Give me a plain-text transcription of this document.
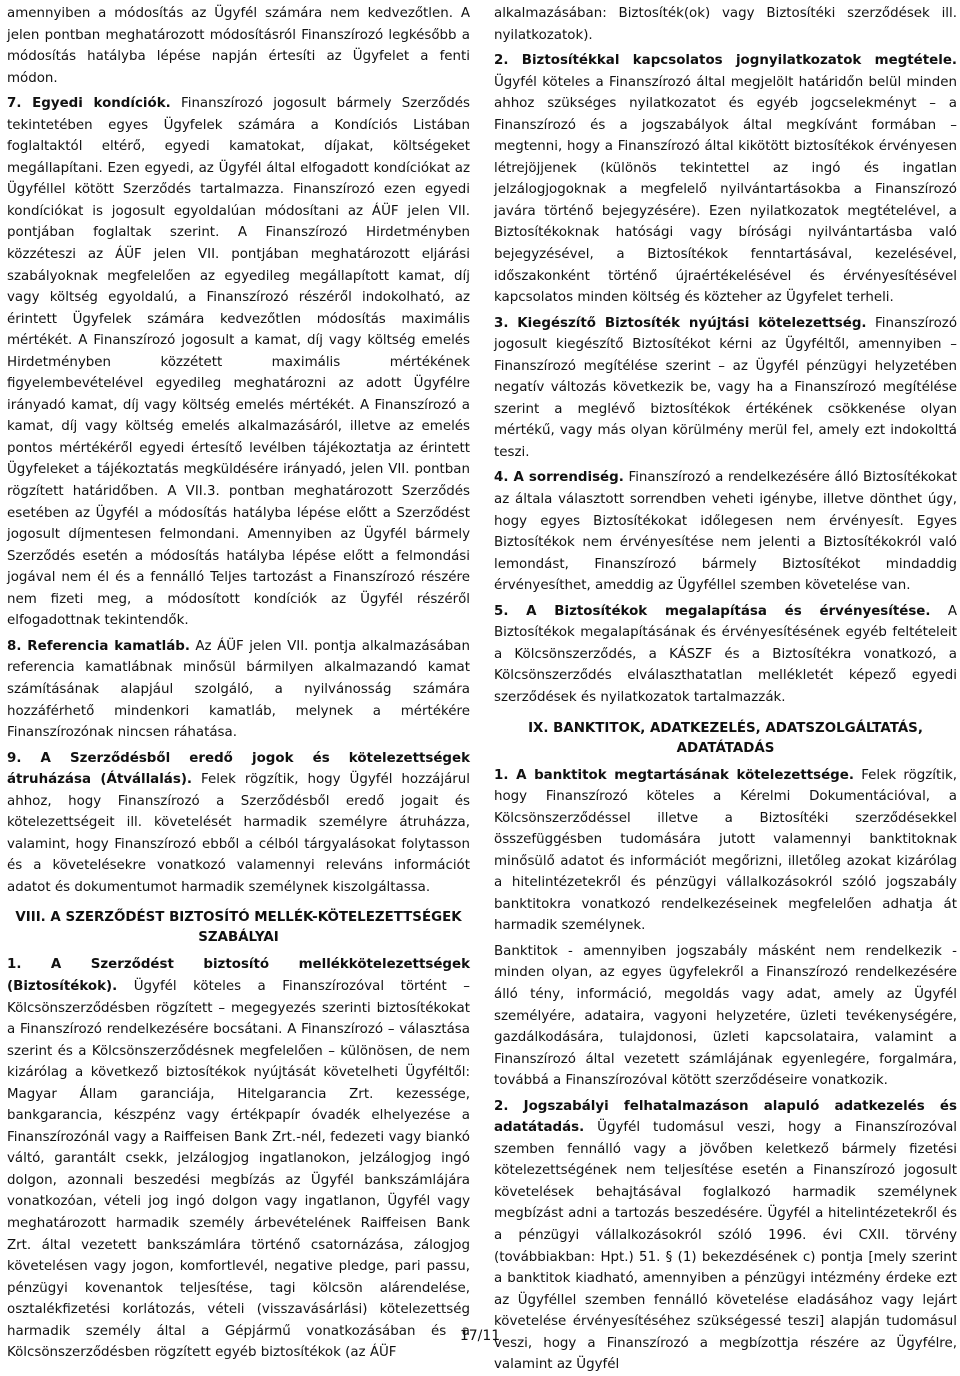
amennyiben a módosítás az Ügyfél számára nem kedvezőtlen. A jelen pontban meghatározott módosításról Finanszírozó legkésőbb a módosítás hatályba lépése napján értesíti az Ügyfelet a fenti módon.

7. Egyedi kondíciók. Finanszírozó jogosult bármely Szerződés tekintetében egyes Ügyfelek számára a Kondíciós Listában foglaltaktól eltérő, egyedi kamatokat, díjakat, költségeket megállapítani. Ezen egyedi, az Ügyfél által elfogadott kondíciókat az Ügyféllel kötött Szerződés tartalmazza. Finanszírozó ezen egyedi kondíciókat is jogosult egyoldalúan módosítani az ÁÜF jelen VII. pontjában foglaltak szerint. A Finanszírozó Hirdetményben közzéteszi az ÁÜF jelen VII. pontjában meghatározott eljárási szabályoknak megfelelően az egyedileg megállapított kamat, díj vagy költség egyoldalú, a Finanszírozó részéről indokolható, az érintett Ügyfelek számára kedvezőtlen módosítás maximális mértékét. A Finanszírozó jogosult a kamat, díj vagy költség emelés Hirdetményben közzétett maximális mértékének figyelembevételével egyedileg meghatározni az adott Ügyfélre irányadó kamat, díj vagy költség emelés mértékét. A Finanszírozó a kamat, díj vagy költség emelés alkalmazásáról, illetve az emelés pontos mértékéről egyedi értesítő levélben tájékoztatja az érintett Ügyfeleket a tájékoztatás megküldésére irányadó, jelen VII. pontban rögzített határidőben. A VII.3. pontban meghatározott Szerződés esetében az Ügyfél a módosítás hatályba lépése előtt a Szerződést jogosult díjmentesen felmondani. Amennyiben az Ügyfél bármely Szerződés esetén a módosítás hatályba lépése előtt a felmondási jogával nem él és a fennálló Teljes tartozást a Finanszírozó részére nem fizeti meg, a módosított kondíciók az Ügyfél részéről elfogadottnak tekintendők.

8. Referencia kamatláb. Az ÁÜF jelen VII. pontja alkalmazásában referencia kamatlábnak minősül bármilyen alkalmazandó kamat számításának alapjául szolgáló, a nyilvánosság számára hozzáférhető mindenkori kamatláb, melynek a mértékére Finanszírozónak nincsen ráhatása.

9. A Szerződésből eredő jogok és kötelezettségek átruházása (Átvállalás). Felek rögzítik, hogy Ügyfél hozzájárul ahhoz, hogy Finanszírozó a Szerződésből eredő jogait és kötelezettségeit ill. követelését harmadik személyre átruházza, valamint, hogy Finanszírozó ebből a célból tárgyalásokat folytasson és a követelésekre vonatkozó valamennyi releváns információt adatot és dokumentumot harmadik személynek kiszolgáltassa.

VIII. A SZERZŐDÉST BIZTOSÍTÓ MELLÉK-KÖTELEZETTSÉGEK SZABÁLYAI

1. A Szerződést biztosító mellékkötelezettségek (Biztosítékok). Ügyfél köteles a Finanszírozóval történt – Kölcsönszerződésben rögzített – megegyezés szerinti biztosítékokat a Finanszírozó rendelkezésére bocsátani. A Finanszírozó – választása szerint és a Kölcsönszerződésnek megfelelően – különösen, de nem kizárólag a következő biztosítékok nyújtását követelheti Ügyféltől: Magyar Állam garanciája, Hitelgarancia Zrt. kezessége, bankgarancia, készpénz vagy értékpapír óvadék elhelyezése a Finanszírozónál vagy a Raiffeisen Bank Zrt.-nél, fedezeti vagy biankó váltó, garantált csekk, jelzálogjog ingatlanokon, jelzálogjog ingó dolgon, azonnali beszedési megbízás az Ügyfél bankszámlájára vonatkozóan, vételi jog ingó dolgon vagy ingatlanon, Ügyfél vagy meghatározott harmadik személy árbevételének Raiffeisen Bank Zrt. által vezetett bankszámlára történő csatornázása, zálogjog követelésen vagy jogon, komfortlevél, negative pledge, pari passu, pénzügyi kovenantok teljesítése, tagi kölcsön alárendelése, osztalékfizetési korlátozás, vételi (visszavásárlási) kötelezettség harmadik személy által a Gépjármű vonatkozásában és a Kölcsönszerződésben rögzített egyéb biztosítékok (az ÁÜF

alkalmazásában: Biztosíték(ok) vagy Biztosítéki szerződések ill. nyilatkozatok).

2. Biztosítékkal kapcsolatos jognyilatkozatok megtétele. Ügyfél köteles a Finanszírozó által megjelölt határidőn belül minden ahhoz szükséges nyilatkozatot és egyéb jogcselekményt – a Finanszírozó és a jogszabályok által megkívánt formában – megtenni, hogy a Finanszírozó által kikötött biztosítékok érvényesen létrejöjjenek (különös tekintettel az ingó és ingatlan jelzálogjogoknak a megfelelő nyilvántartásokba a Finanszírozó javára történő bejegyzésére). Ezen nyilatkozatok megtételével, a Biztosítékoknak hatósági vagy bírósági nyilvántartásba való bejegyzésével, a Biztosítékok fenntartásával, kezelésével, időszakonként történő újraértékelésével és érvényesítésével kapcsolatos minden költség és közteher az Ügyfelet terheli.

3. Kiegészítő Biztosíték nyújtási kötelezettség. Finanszírozó jogosult kiegészítő Biztosítékot kérni az Ügyféltől, amennyiben – Finanszírozó megítélése szerint – az Ügyfél pénzügyi helyzetében negatív változás következik be, vagy ha a Finanszírozó megítélése szerint a meglévő biztosítékok értékének csökkenése olyan mértékű, vagy más olyan körülmény merül fel, amely ezt indokolttá teszi.

4. A sorrendiség. Finanszírozó a rendelkezésére álló Biztosítékokat az általa választott sorrendben veheti igénybe, illetve dönthet úgy, hogy egyes Biztosítékokat időlegesen nem érvényesít. Egyes Biztosítékok nem érvényesítése nem jelenti a Biztosítékokról való lemondást, Finanszírozó bármely Biztosítékot mindaddig érvényesíthet, ameddig az Ügyféllel szemben követelése van.

5. A Biztosítékok megalapítása és érvényesítése. A Biztosítékok megalapításának és érvényesítésének egyéb feltételeit a Kölcsönszerződés, a KÁSZF és a Biztosítékra vonatkozó, a Kölcsönszerződés elválaszthatatlan mellékletét képező egyedi szerződések és nyilatkozatok tartalmazzák.

IX. BANKTITOK, ADATKEZELÉS, ADATSZOLGÁLTATÁS, ADATÁTADÁS

1. A banktitok megtartásának kötelezettsége. Felek rögzítik, hogy Finanszírozó köteles a Kérelmi Dokumentációval, a Kölcsönszerződéssel illetve a Biztosítéki szerződésekkel összefüggésben tudomására jutott valamennyi banktitoknak minősülő adatot és információt megőrizni, illetőleg azokat kizárólag a hitelintézetekről és pénzügyi vállalkozásokról szóló jogszabály banktitokra vonatkozó rendelkezéseinek megfelelően adhatja át harmadik személynek.

Banktitok - amennyiben jogszabály másként nem rendelkezik - minden olyan, az egyes ügyfelekről a Finanszírozó rendelkezésére álló tény, információ, megoldás vagy adat, amely az Ügyfél személyére, adataira, vagyoni helyzetére, üzleti tevékenységére, gazdálkodására, tulajdonosi, üzleti kapcsolataira, valamint a Finanszírozó által vezetett számlájának egyenlegére, forgalmára, továbbá a Finanszírozóval kötött szerződéseire vonatkozik.

2. Jogszabályi felhatalmazáson alapuló adatkezelés és adatátadás. Ügyfél tudomásul veszi, hogy a Finanszírozóval szemben fennálló vagy a jövőben keletkező bármely fizetési kötelezettségének nem teljesítése esetén a Finanszírozó jogosult követelések behajtásával foglalkozó harmadik személynek megbízást adni a tartozás beszedésére. Ügyfél a hitelintézetekről és a pénzügyi vállalkozásokról szóló 1996. évi CXII. törvény (továbbiakban: Hpt.) 51. § (1) bekezdésének c) pontja [mely szerint a banktitok kiadható, amennyiben a pénzügyi intézmény érdeke ezt az Ügyféllel szemben fennálló követelése eladásához vagy lejárt követelése érvényesítéséhez szükségessé teszi] alapján tudomásul veszi, hogy a Finanszírozó a megbízottja részére az Ügyfélre, valamint az Ügyfél

17/11
